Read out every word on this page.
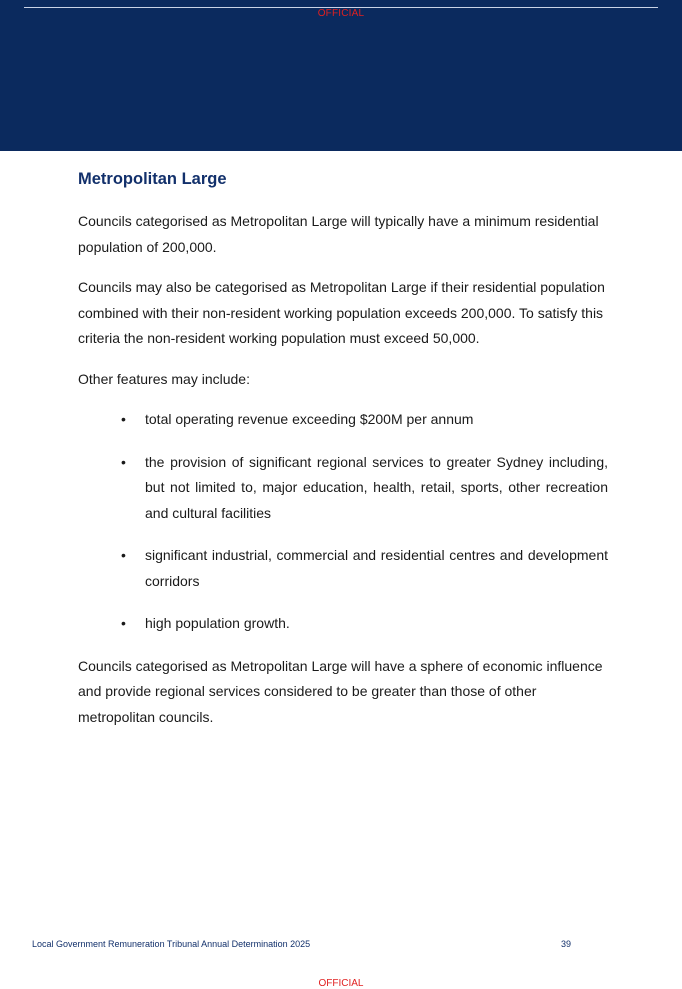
OFFICIAL
Metropolitan Large

Councils categorised as Metropolitan Large will typically have a minimum residential population of 200,000.

Councils may also be categorised as Metropolitan Large if their residential population combined with their non-resident working population exceeds 200,000. To satisfy this criteria the non-resident working population must exceed 50,000.

Other features may include:

• total operating revenue exceeding $200M per annum
• the provision of significant regional services to greater Sydney including, but not limited to, major education, health, retail, sports, other recreation and cultural facilities
• significant industrial, commercial and residential centres and development corridors
• high population growth.

Councils categorised as Metropolitan Large will have a sphere of economic influence and provide regional services considered to be greater than those of other metropolitan councils.

Local Government Remuneration Tribunal Annual Determination 2025	39
OFFICIAL
